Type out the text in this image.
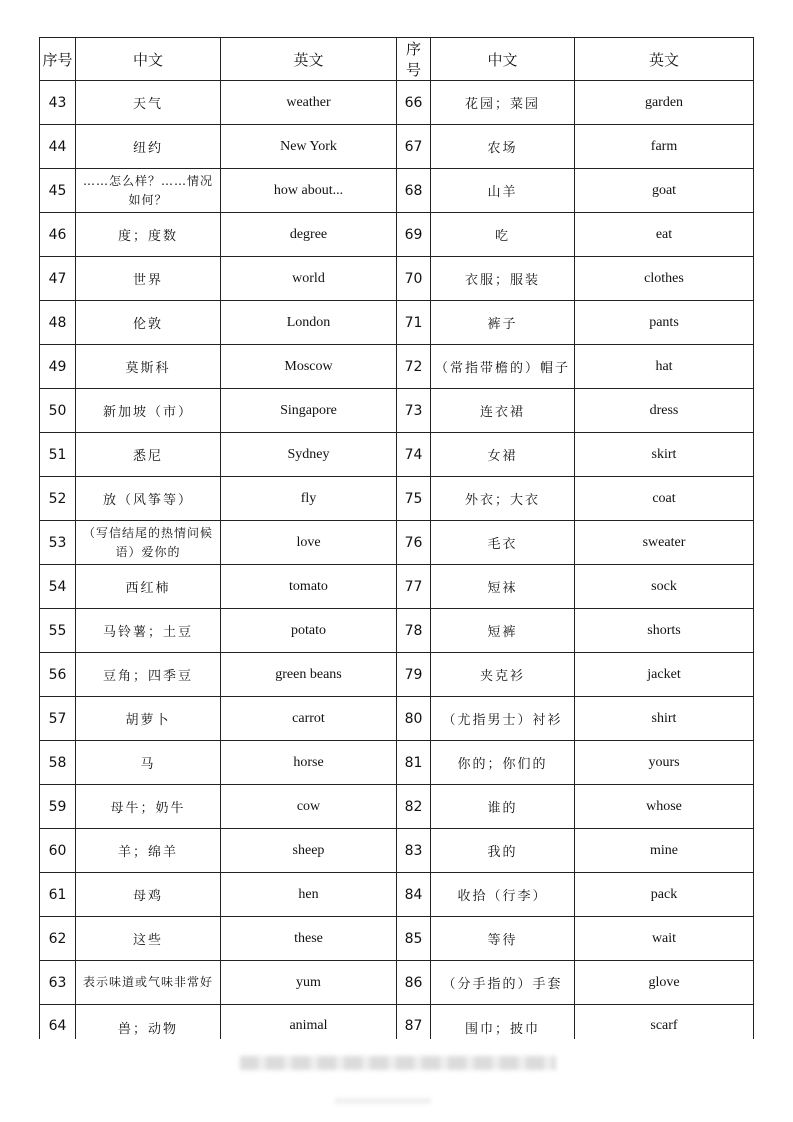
序号	中文	英文	序号	中文	英文
43	天气	weather	66	花园；菜园	garden
44	纽约	New York	67	农场	farm
45	……怎么样？……情况如何？	how about...	68	山羊	goat
46	度；度数	degree	69	吃	eat
47	世界	world	70	衣服；服装	clothes
48	伦敦	London	71	裤子	pants
49	莫斯科	Moscow	72	（常指带檐的）帽子	hat
50	新加坡（市）	Singapore	73	连衣裙	dress
51	悉尼	Sydney	74	女裙	skirt
52	放（风筝等）	fly	75	外衣；大衣	coat
53	（写信结尾的热情问候语）爱你的	love	76	毛衣	sweater
54	西红柿	tomato	77	短袜	sock
55	马铃薯；土豆	potato	78	短裤	shorts
56	豆角；四季豆	green beans	79	夹克衫	jacket
57	胡萝卜	carrot	80	（尤指男士）衬衫	shirt
58	马	horse	81	你的；你们的	yours
59	母牛；奶牛	cow	82	谁的	whose
60	羊；绵羊	sheep	83	我的	mine
61	母鸡	hen	84	收拾（行李）	pack
62	这些	these	85	等待	wait
63	表示味道或气味非常好	yum	86	（分手指的）手套	glove
64	兽；动物	animal	87	围巾；披巾	scarf
